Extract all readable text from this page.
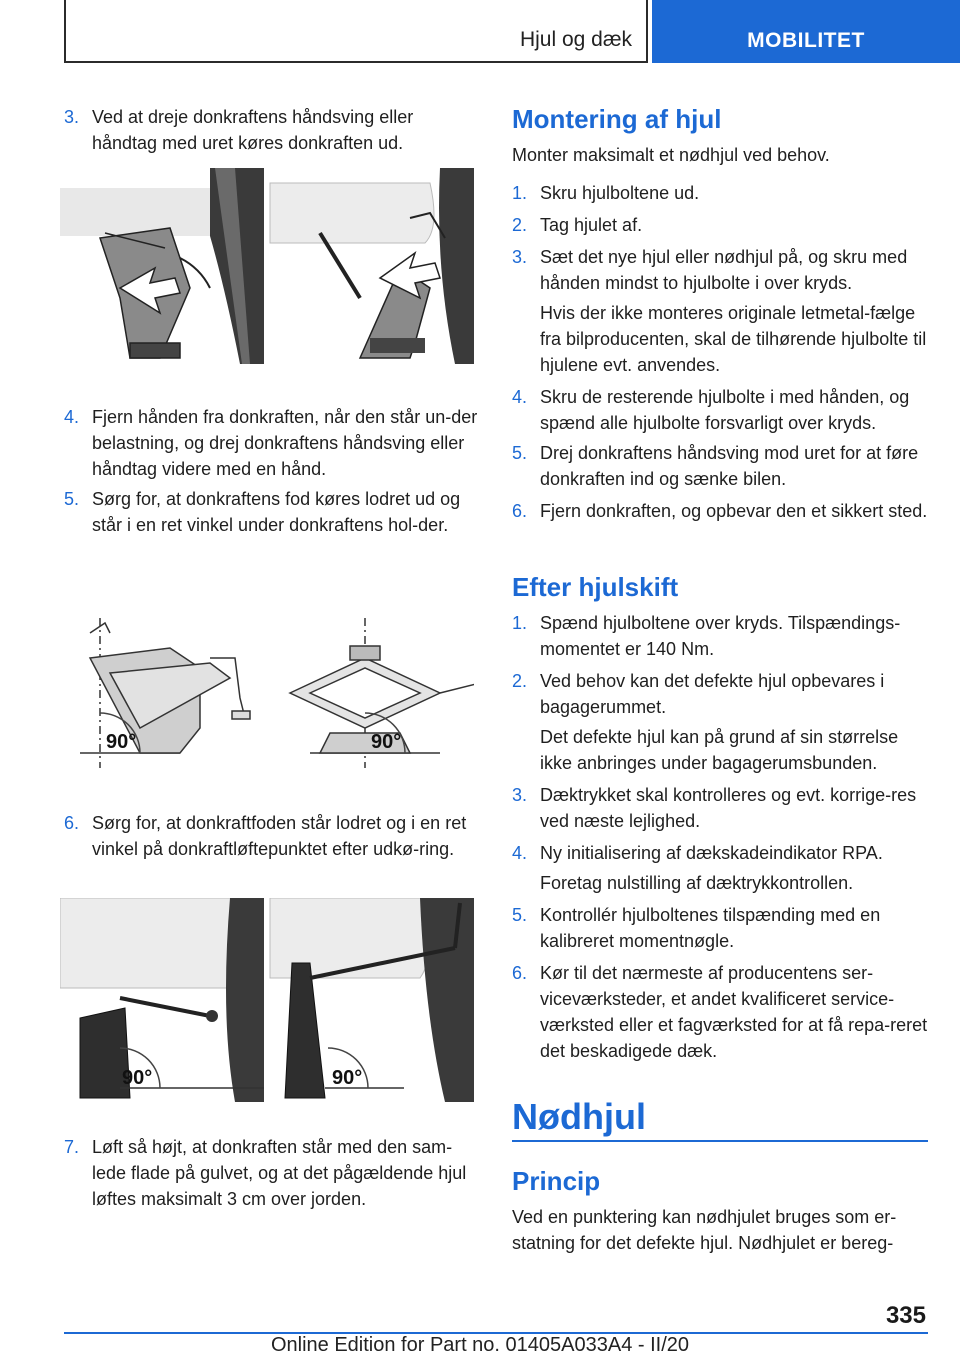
Hjul og dæk	MOBILITET
3. Ved at dreje donkraftens håndsving eller håndtag med uret køres donkraften ud.
4. Fjern hånden fra donkraften, når den står un-der belastning, og drej donkraftens håndsving eller håndtag videre med en hånd.
5. Sørg for, at donkraftens fod køres lodret ud og står i en ret vinkel under donkraftens hol-der.
90°	90°
6. Sørg for, at donkraftfoden står lodret og i en ret vinkel på donkraftløftepunktet efter udkø-ring.
90°	90°
7. Løft så højt, at donkraften står med den sam-lede flade på gulvet, og at det pågældende hjul løftes maksimalt 3 cm over jorden.
Montering af hjul
Monter maksimalt et nødhjul ved behov.
1. Skru hjulboltene ud.
2. Tag hjulet af.
3. Sæt det nye hjul eller nødhjul på, og skru med hånden mindst to hjulbolte i over kryds.
Hvis der ikke monteres originale letmetal-fælge fra bilproducenten, skal de tilhørende hjulbolte til hjulene evt. anvendes.
4. Skru de resterende hjulbolte i med hånden, og spænd alle hjulbolte forsvarligt over kryds.
5. Drej donkraftens håndsving mod uret for at føre donkraften ind og sænke bilen.
6. Fjern donkraften, og opbevar den et sikkert sted.
Efter hjulskift
1. Spænd hjulboltene over kryds. Tilspændings-momentet er 140 Nm.
2. Ved behov kan det defekte hjul opbevares i bagagerummet.
Det defekte hjul kan på grund af sin størrelse ikke anbringes under bagagerumsbunden.
3. Dæktrykket skal kontrolleres og evt. korrige-res ved næste lejlighed.
4. Ny initialisering af dækskadeindikator RPA.
Foretag nulstilling af dæktrykkontrollen.
5. Kontrollér hjulboltenes tilspænding med en kalibreret momentnøgle.
6. Kør til det nærmeste af producentens ser-viceværksteder, et andet kvalificeret service-værksted eller et fagværksted for at få repa-reret det beskadigede dæk.
Nødhjul
Princip
Ved en punktering kan nødhjulet bruges som er-statning for det defekte hjul. Nødhjulet er bereg-
335
Online Edition for Part no. 01405A033A4 - II/20
